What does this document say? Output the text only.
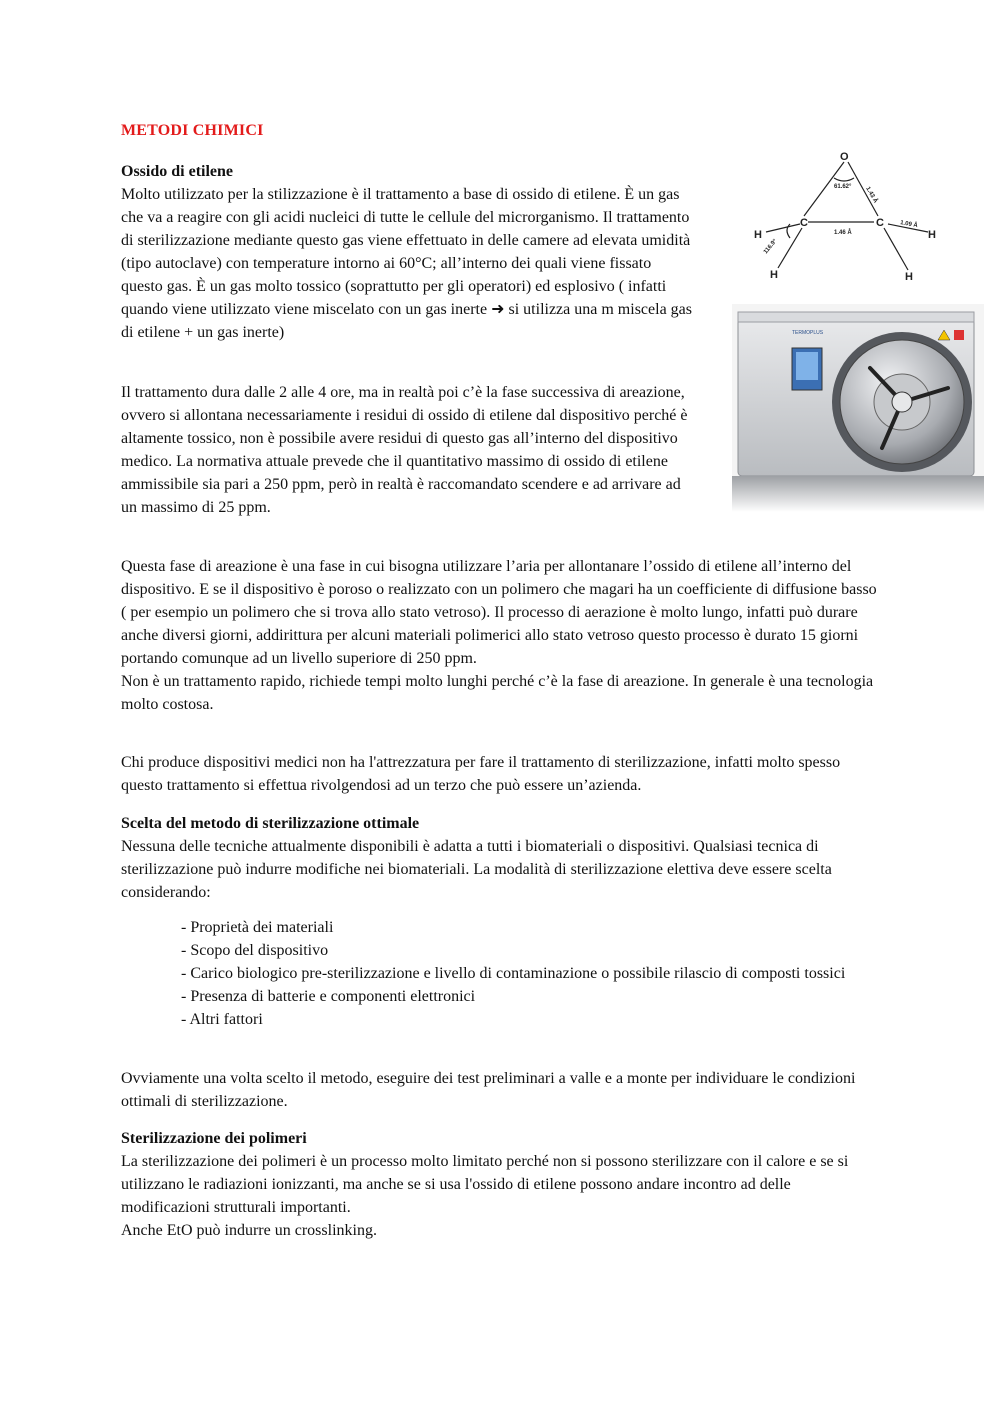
METODI CHIMICI

Ossido di etilene

Molto utilizzato per la stilizzazione è il trattamento a base di ossido di etilene. È un gas che va a reagire con gli acidi nucleici di tutte le cellule del microrganismo. Il trattamento di sterilizzazione mediante questo gas viene effettuato in delle camere ad elevata umidità (tipo autoclave) con temperature intorno ai 60°C; all’interno dei quali viene fissato questo gas. È un gas molto tossico (soprattutto per gli operatori) ed esplosivo ( infatti quando viene utilizzato viene miscelato con un gas inerte ➜ si utilizza una m miscela gas di etilene + un gas inerte)

Il trattamento dura dalle 2 alle 4 ore, ma in realtà poi c’è la fase successiva di areazione, ovvero si allontana necessariamente i residui di ossido di etilene dal dispositivo perché è altamente tossico, non è possibile avere residui di questo gas all’interno del dispositivo medico. La normativa attuale prevede che il quantitativo massimo di ossido di etilene ammissibile sia pari a 250 ppm, però in realtà è raccomandato scendere e ad arrivare ad un massimo di 25 ppm.

Questa fase di areazione è una fase in cui bisogna utilizzare l’aria per allontanare l’ossido di etilene all’interno del dispositivo. E se il dispositivo è poroso o realizzato con un polimero che magari ha un coefficiente di diffusione basso ( per esempio un polimero che si trova allo stato vetroso). Il processo di aerazione è molto lungo, infatti può durare anche diversi giorni, addirittura per alcuni materiali polimerici allo stato vetroso questo processo è durato 15 giorni portando comunque ad un livello superiore di 250 ppm.

Non è un trattamento rapido, richiede tempi molto lunghi perché c’è la fase di areazione. In generale è una tecnologia molto costosa.

Chi produce dispositivi medici non ha l'attrezzatura per fare il trattamento di sterilizzazione, infatti molto spesso questo trattamento si effettua rivolgendosi ad un terzo che può essere un’azienda.

Scelta del metodo di sterilizzazione ottimale

Nessuna delle tecniche attualmente disponibili è adatta a tutti i biomateriali o dispositivi. Qualsiasi tecnica di sterilizzazione può indurre modifiche nei biomateriali. La modalità di sterilizzazione elettiva deve essere scelta considerando:

- Proprietà dei materiali
- Scopo del dispositivo
- Carico biologico pre-sterilizzazione e livello di contaminazione o possibile rilascio di composti tossici
- Presenza di batterie e componenti elettronici
- Altri fattori
Ovviamente una volta scelto il metodo, eseguire dei test preliminari a valle e a monte per individuare le condizioni ottimali di sterilizzazione.

Sterilizzazione dei polimeri

La sterilizzazione dei polimeri è un processo molto limitato perché non si possono sterilizzare con il calore e se si utilizzano le radiazioni ionizzanti, ma anche se si usa l'ossido di etilene possono andare incontro ad delle modificazioni strutturali importanti.

Anche EtO può indurre un crosslinking.

O
C	C
H
H
H
H
61.62° 1.43 Å
1.46 Å
1.09 Å
116.9°
TERMOPLUS
